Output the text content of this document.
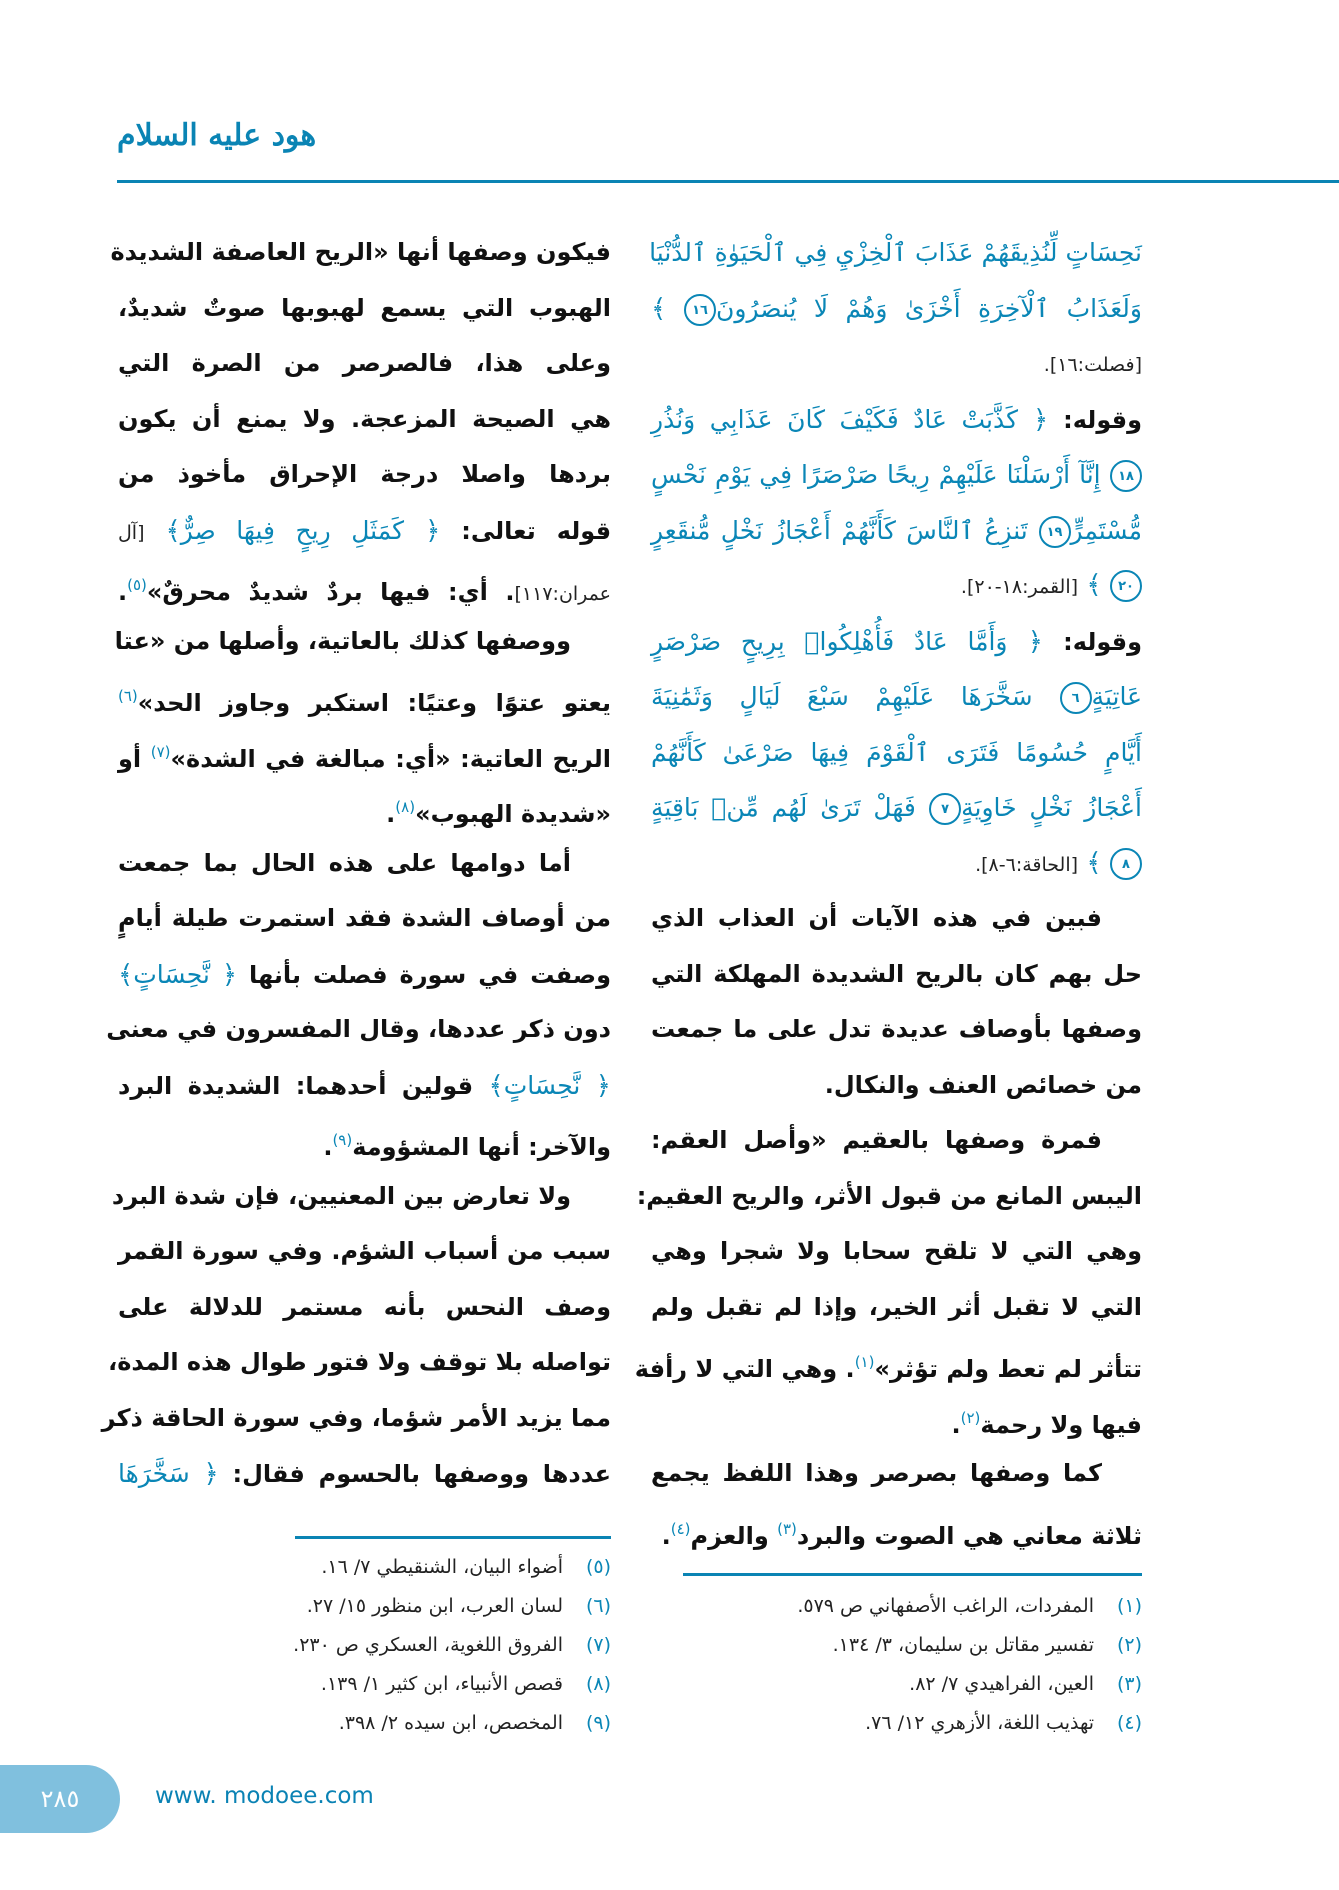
هود عليه السلام
نَحِسَاتٍ لِّنُذِيقَهُمْ عَذَابَ ٱلْخِزْيِ فِي ٱلْحَيَوٰةِ ٱلدُّنْيَا
وَلَعَذَابُ ٱلْآخِرَةِ أَخْزَىٰ وَهُمْ لَا يُنصَرُونَ١٦ ﴾
[فصلت:١٦].
وقوله: ﴿ كَذَّبَتْ عَادٌ فَكَيْفَ كَانَ عَذَابِي وَنُذُرِ
١٨ إِنَّآ أَرْسَلْنَا عَلَيْهِمْ رِيحًا صَرْصَرًا فِي يَوْمِ نَحْسٍ
مُّسْتَمِرٍّ١٩ تَنزِعُ ٱلنَّاسَ كَأَنَّهُمْ أَعْجَازُ نَخْلٍ مُّنقَعِرٍ
٢٠ ﴾ [القمر:١٨-٢٠].
وقوله: ﴿ وَأَمَّا عَادٌ فَأُهْلِكُوا۟ بِرِيحٍ صَرْصَرٍ
عَاتِيَةٍ٦ سَخَّرَهَا عَلَيْهِمْ سَبْعَ لَيَالٍ وَثَمَٰنِيَةَ
أَيَّامٍ حُسُومًا فَتَرَى ٱلْقَوْمَ فِيهَا صَرْعَىٰ كَأَنَّهُمْ
أَعْجَازُ نَخْلٍ خَاوِيَةٍ٧ فَهَلْ تَرَىٰ لَهُم مِّنۢ بَاقِيَةٍ
٨ ﴾ [الحاقة:٦-٨].
فبين في هذه الآيات أن العذاب الذي
حل بهم كان بالريح الشديدة المهلكة التي
وصفها بأوصاف عديدة تدل على ما جمعت
من خصائص العنف والنكال.
فمرة وصفها بالعقيم «وأصل العقم:
اليبس المانع من قبول الأثر، والريح العقيم:
وهي التي لا تلقح سحابا ولا شجرا وهي
التي لا تقبل أثر الخير، وإذا لم تقبل ولم
تتأثر لم تعط ولم تؤثر»$^{(١)}$. وهي التي لا رأفة
فيها ولا رحمة$^{(٢)}$.
كما وصفها بصرصر وهذا اللفظ يجمع
ثلاثة معاني هي الصوت والبرد$^{(٣)}$ والعزم$^{(٤)}$.
فيكون وصفها أنها «الريح العاصفة الشديدة
الهبوب التي يسمع لهبوبها صوتٌ شديدٌ،
وعلى هذا، فالصرصر من الصرة التي
هي الصيحة المزعجة. ولا يمنع أن يكون
بردها واصلا درجة الإحراق مأخوذ من
قوله تعالى: ﴿ كَمَثَلِ رِيحٍ فِيهَا صِرٌّ﴾ [آل
عمران:١١٧]. أي: فيها بردٌ شديدٌ محرقٌ»$^{(٥)}$.
ووصفها كذلك بالعاتية، وأصلها من «عتا
يعتو عتوًا وعتيًا: استكبر وجاوز الحد»$^{(٦)}$
الريح العاتية: «أي: مبالغة في الشدة»$^{(٧)}$ أو
«شديدة الهبوب»$^{(٨)}$.
أما دوامها على هذه الحال بما جمعت
من أوصاف الشدة فقد استمرت طيلة أيامٍ
وصفت في سورة فصلت بأنها ﴿ نَّحِسَاتٍ﴾
دون ذكر عددها، وقال المفسرون في معنى
﴿ نَّحِسَاتٍ﴾ قولين أحدهما: الشديدة البرد
والآخر: أنها المشؤومة$^{(٩)}$.
ولا تعارض بين المعنيين، فإن شدة البرد
سبب من أسباب الشؤم. وفي سورة القمر
وصف النحس بأنه مستمر للدلالة على
تواصله بلا توقف ولا فتور طوال هذه المدة،
مما يزيد الأمر شؤما، وفي سورة الحاقة ذكر
عددها ووصفها بالحسوم فقال: ﴿ سَخَّرَهَا
(١)المفردات، الراغب الأصفهاني ص ٥٧٩.
(٢)تفسير مقاتل بن سليمان، ٣/ ١٣٤.
(٣)العين، الفراهيدي ٧/ ٨٢.
(٤)تهذيب اللغة، الأزهري ١٢/ ٧٦.
(٥)أضواء البيان، الشنقيطي ٧/ ١٦.
(٦)لسان العرب، ابن منظور ١٥/ ٢٧.
(٧)الفروق اللغوية، العسكري ص ٢٣٠.
(٨)قصص الأنبياء، ابن كثير ١/ ١٣٩.
(٩)المخصص، ابن سيده ٢/ ٣٩٨.
٢٨٥	www. modoee.com
